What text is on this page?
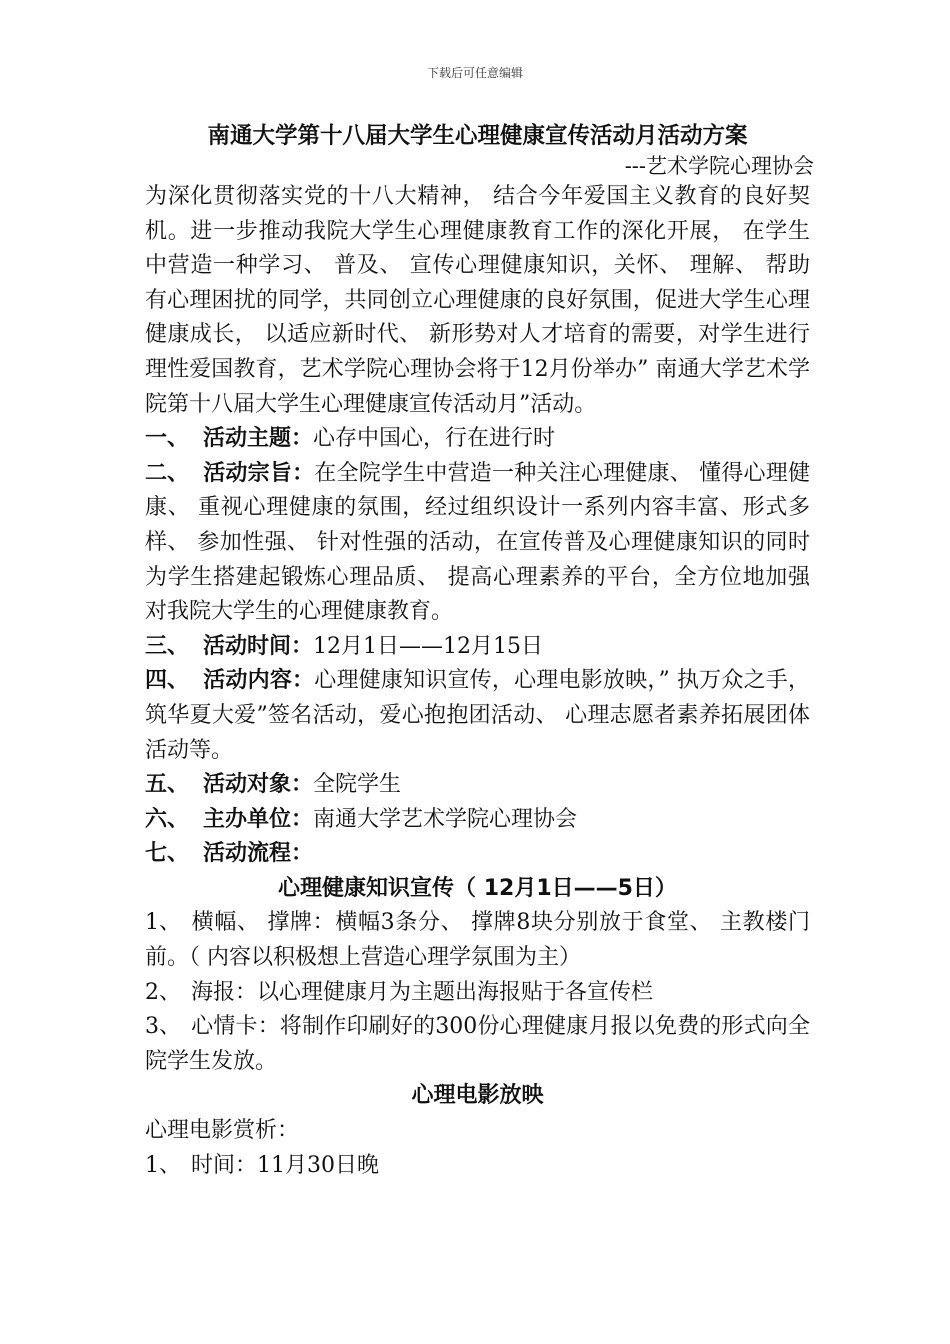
下载后可任意编辑
南通大学第十八届大学生心理健康宣传活动月活动方案
---艺术学院心理协会

为深化贯彻落实党的十八大精神， 结合今年爱国主义教育的良好契机。进一步推动我院大学生心理健康教育工作的深化开展， 在学生中营造一种学习、 普及、 宣传心理健康知识，关怀、 理解、 帮助有心理困扰的同学，共同创立心理健康的良好氛围，促进大学生心理健康成长， 以适应新时代、 新形势对人才培育的需要，对学生进行理性爱国教育，艺术学院心理协会将于12月份举办” 南通大学艺术学院第十八届大学生心理健康宣传活动月”活动。

一、 活动主题：心存中国心，行在进行时

二、 活动宗旨：在全院学生中营造一种关注心理健康、 懂得心理健康、 重视心理健康的氛围，经过组织设计一系列内容丰富、形式多样、 参加性强、 针对性强的活动，在宣传普及心理健康知识的同时为学生搭建起锻炼心理品质、 提高心理素养的平台，全方位地加强对我院大学生的心理健康教育。

三、 活动时间：12月1日——12月15日

四、 活动内容：心理健康知识宣传，心理电影放映，” 执万众之手，筑华夏大爱”签名活动，爱心抱抱团活动、 心理志愿者素养拓展团体活动等。

五、 活动对象：全院学生

六、 主办单位：南通大学艺术学院心理协会

七、 活动流程：

心理健康知识宣传（ 12月1日——5日）

1、 横幅、 撑牌：横幅3条分、 撑牌8块分别放于食堂、 主教楼门前。（ 内容以积极想上营造心理学氛围为主）

2、 海报：以心理健康月为主题出海报贴于各宣传栏

3、 心情卡：将制作印刷好的300份心理健康月报以免费的形式向全院学生发放。

心理电影放映

心理电影赏析：

1、 时间：11月30日晚
